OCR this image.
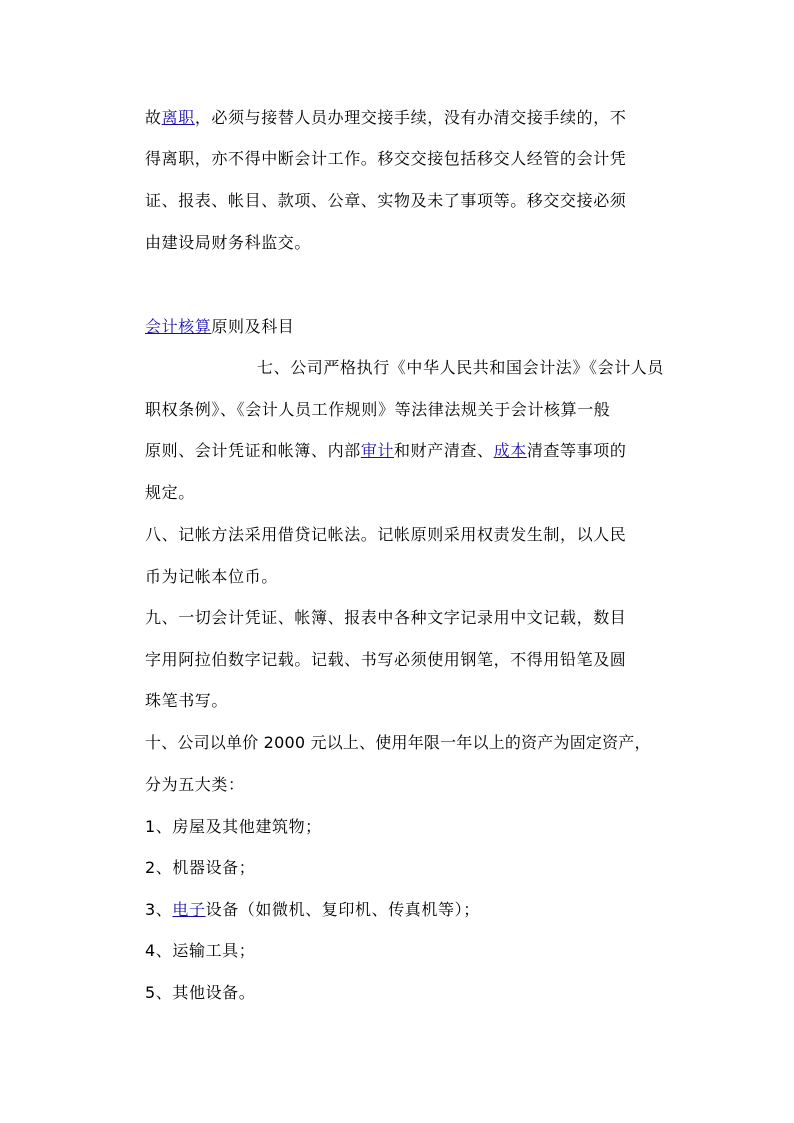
故离职，必须与接替人员办理交接手续，没有办清交接手续的，不
得离职，亦不得中断会计工作。移交交接包括移交人经管的会计凭
证、报表、帐目、款项、公章、实物及未了事项等。移交交接必须
由建设局财务科监交。
会计核算原则及科目
七、公司严格执行《中华人民共和国会计法》《会计人员
职权条例》、《会计人员工作规则》等法律法规关于会计核算一般
原则、会计凭证和帐簿、内部审计和财产清查、成本清查等事项的
规定。
八、记帐方法采用借贷记帐法。记帐原则采用权责发生制，以人民
币为记帐本位币。
九、一切会计凭证、帐簿、报表中各种文字记录用中文记载，数目
字用阿拉伯数字记载。记载、书写必须使用钢笔，不得用铅笔及圆
珠笔书写。
十、公司以单价 2000 元以上、使用年限一年以上的资产为固定资产，
分为五大类：
1、房屋及其他建筑物；
2、机器设备；
3、电子设备（如微机、复印机、传真机等）；
4、运输工具；
5、其他设备。
